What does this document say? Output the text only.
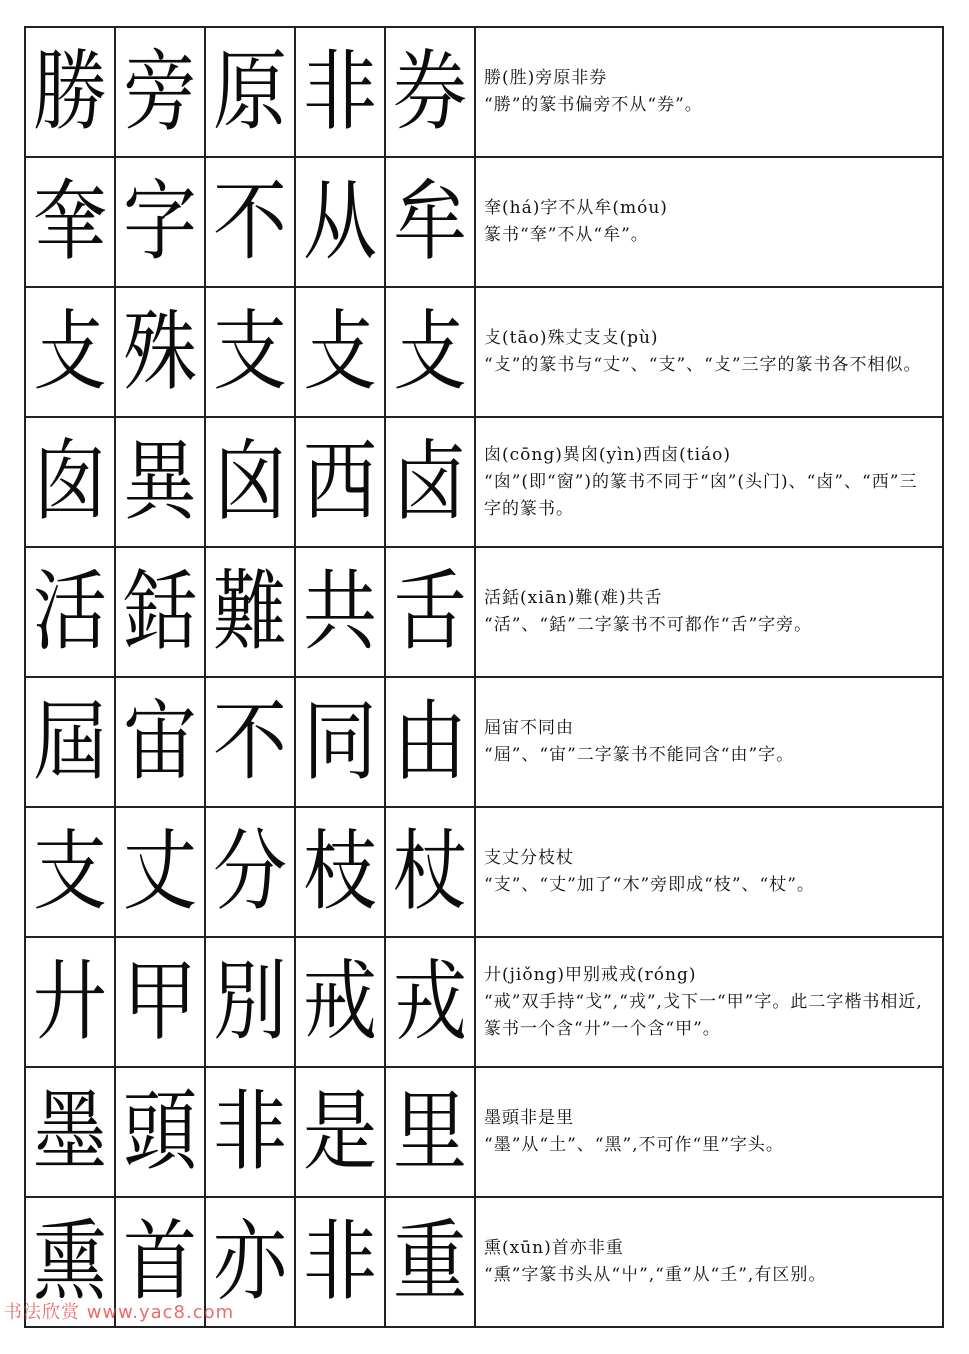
勝	旁	原	非	券	勝(胜)旁原非券
“勝”的篆书偏旁不从“券”。

羍	字	不	从	牟	羍(há)字不从牟(móu)
篆书“羍”不从“牟”。

攴	殊	支	攴	攴	攴(tāo)殊丈支攴(pù)
“攴”的篆书与“丈”、“支”、“攴”三字的篆书各不相似。

囱	異	囟	西	卤	囱(cōng)異囟(yìn)西卤(tiáo)
“囱”(即“窗”)的篆书不同于“囟”(头门)、“卤”、“西”三字的篆书。

活	銛	難	共	舌	活銛(xiān)難(难)共舌
“活”、“銛”二字篆书不可都作“舌”字旁。

屆	宙	不	同	由	屆宙不同由
“屆”、“宙”二字篆书不能同含“由”字。

支	丈	分	枝	杖	支丈分枝杖
“支”、“丈”加了“木”旁即成“枝”、“杖”。

廾	甲	別	戒	戎	廾(jiǒng)甲别戒戎(róng)
“戒”双手持“戈”,“戎”,戈下一“甲”字。此二字楷书相近,篆书一个含“廾”一个含“甲”。

墨	頭	非	是	里	墨頭非是里
“墨”从“土”、“黑”,不可作“里”字头。

熏	首	亦	非	重	熏(xūn)首亦非重
“熏”字篆书头从“屮”,“重”从“𡈼”,有区别。
书法欣赏 www.yac8.com
